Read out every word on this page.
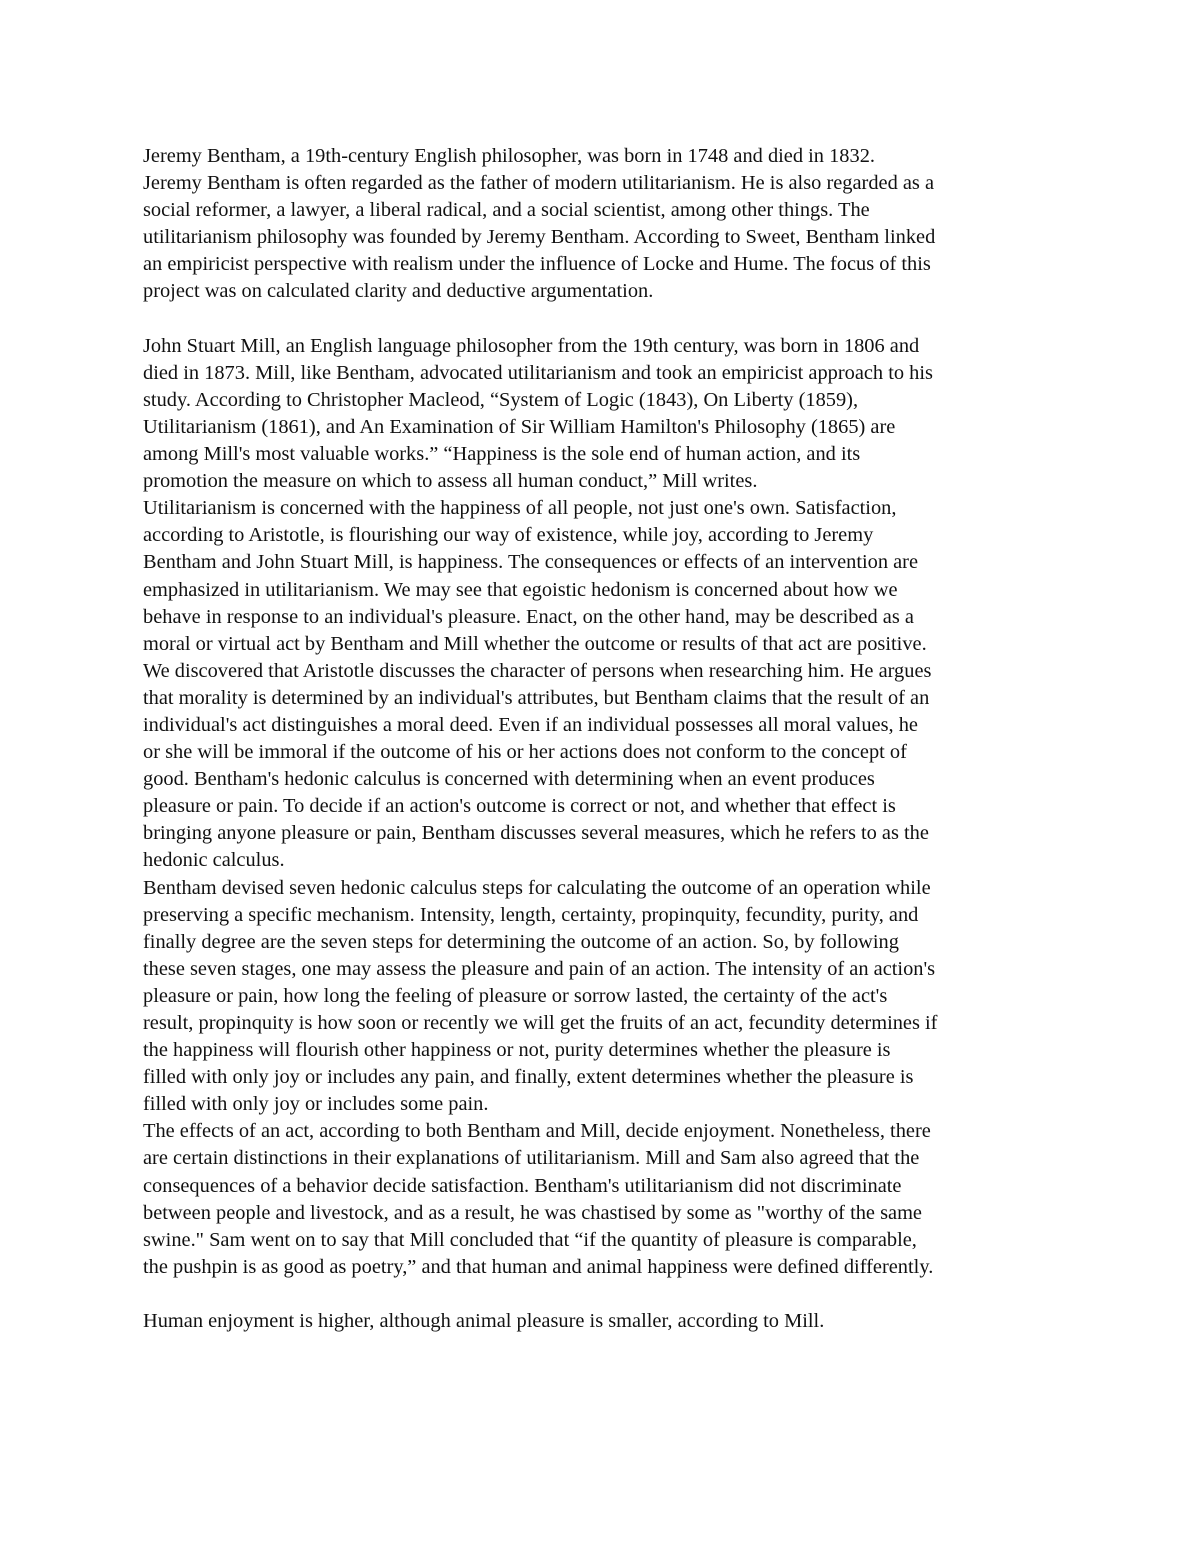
Jeremy Bentham, a 19th-century English philosopher, was born in 1748 and died in 1832.
Jeremy Bentham is often regarded as the father of modern utilitarianism. He is also regarded as a
social reformer, a lawyer, a liberal radical, and a social scientist, among other things. The
utilitarianism philosophy was founded by Jeremy Bentham. According to Sweet, Bentham linked
an empiricist perspective with realism under the influence of Locke and Hume. The focus of this
project was on calculated clarity and deductive argumentation.
John Stuart Mill, an English language philosopher from the 19th century, was born in 1806 and
died in 1873. Mill, like Bentham, advocated utilitarianism and took an empiricist approach to his
study. According to Christopher Macleod, “System of Logic (1843), On Liberty (1859),
Utilitarianism (1861), and An Examination of Sir William Hamilton's Philosophy (1865) are
among Mill's most valuable works.” “Happiness is the sole end of human action, and its
promotion the measure on which to assess all human conduct,” Mill writes.
Utilitarianism is concerned with the happiness of all people, not just one's own. Satisfaction,
according to Aristotle, is flourishing our way of existence, while joy, according to Jeremy
Bentham and John Stuart Mill, is happiness. The consequences or effects of an intervention are
emphasized in utilitarianism. We may see that egoistic hedonism is concerned about how we
behave in response to an individual's pleasure. Enact, on the other hand, may be described as a
moral or virtual act by Bentham and Mill whether the outcome or results of that act are positive.
We discovered that Aristotle discusses the character of persons when researching him. He argues
that morality is determined by an individual's attributes, but Bentham claims that the result of an
individual's act distinguishes a moral deed. Even if an individual possesses all moral values, he
or she will be immoral if the outcome of his or her actions does not conform to the concept of
good. Bentham's hedonic calculus is concerned with determining when an event produces
pleasure or pain. To decide if an action's outcome is correct or not, and whether that effect is
bringing anyone pleasure or pain, Bentham discusses several measures, which he refers to as the
hedonic calculus.
Bentham devised seven hedonic calculus steps for calculating the outcome of an operation while
preserving a specific mechanism. Intensity, length, certainty, propinquity, fecundity, purity, and
finally degree are the seven steps for determining the outcome of an action. So, by following
these seven stages, one may assess the pleasure and pain of an action. The intensity of an action's
pleasure or pain, how long the feeling of pleasure or sorrow lasted, the certainty of the act's
result, propinquity is how soon or recently we will get the fruits of an act, fecundity determines if
the happiness will flourish other happiness or not, purity determines whether the pleasure is
filled with only joy or includes any pain, and finally, extent determines whether the pleasure is
filled with only joy or includes some pain.
The effects of an act, according to both Bentham and Mill, decide enjoyment. Nonetheless, there
are certain distinctions in their explanations of utilitarianism. Mill and Sam also agreed that the
consequences of a behavior decide satisfaction. Bentham's utilitarianism did not discriminate
between people and livestock, and as a result, he was chastised by some as "worthy of the same
swine." Sam went on to say that Mill concluded that “if the quantity of pleasure is comparable,
the pushpin is as good as poetry,” and that human and animal happiness were defined differently.
Human enjoyment is higher, although animal pleasure is smaller, according to Mill.
